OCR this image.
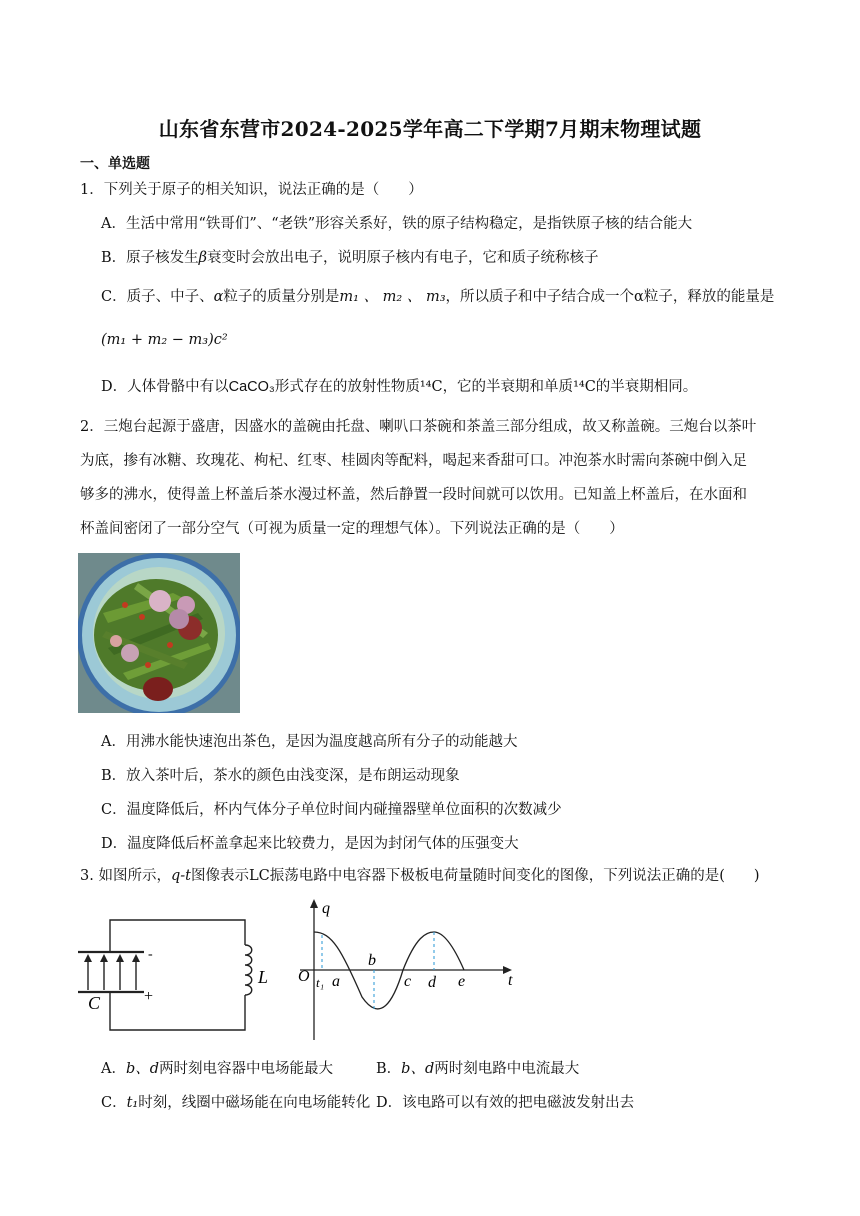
山东省东营市2024-2025学年高二下学期7月期末物理试题
一、单选题
1．下列关于原子的相关知识，说法正确的是（　　）
A．生活中常用“铁哥们”、“老铁”形容关系好，铁的原子结构稳定，是指铁原子核的结合能大
B．原子核发生β衰变时会放出电子，说明原子核内有电子，它和质子统称核子
C．质子、中子、α粒子的质量分别是m₁ 、 m₂ 、 m₃，所以质子和中子结合成一个α粒子，释放的能量是
(m₁ + m₂ − m₃)c²
D．人体骨骼中有以CaCO₃形式存在的放射性物质¹⁴C，它的半衰期和单质¹⁴C的半衰期相同。
2．三炮台起源于盛唐，因盛水的盖碗由托盘、喇叭口茶碗和茶盖三部分组成，故又称盖碗。三炮台以茶叶
为底，掺有冰糖、玫瑰花、枸杞、红枣、桂圆肉等配料，喝起来香甜可口。冲泡茶水时需向茶碗中倒入足
够多的沸水，使得盖上杯盖后茶水漫过杯盖，然后静置一段时间就可以饮用。已知盖上杯盖后，在水面和
杯盖间密闭了一部分空气（可视为质量一定的理想气体）。下列说法正确的是（　　）
A．用沸水能快速泡出茶色，是因为温度越高所有分子的动能越大
B．放入茶叶后，茶水的颜色由浅变深，是布朗运动现象
C．温度降低后，杯内气体分子单位时间内碰撞器壁单位面积的次数减少
D．温度降低后杯盖拿起来比较费力，是因为封闭气体的压强变大
3. 如图所示，q-t图像表示LC振荡电路中电容器下极板电荷量随时间变化的图像，下列说法正确的是(　　)
-
+
C
L
q
t
O t₁ a
b
c d e
A．b、d两时刻电容器中电场能最大	B．b、d两时刻电路中电流最大
C．t₁时刻，线圈中磁场能在向电场能转化 D．该电路可以有效的把电磁波发射出去
